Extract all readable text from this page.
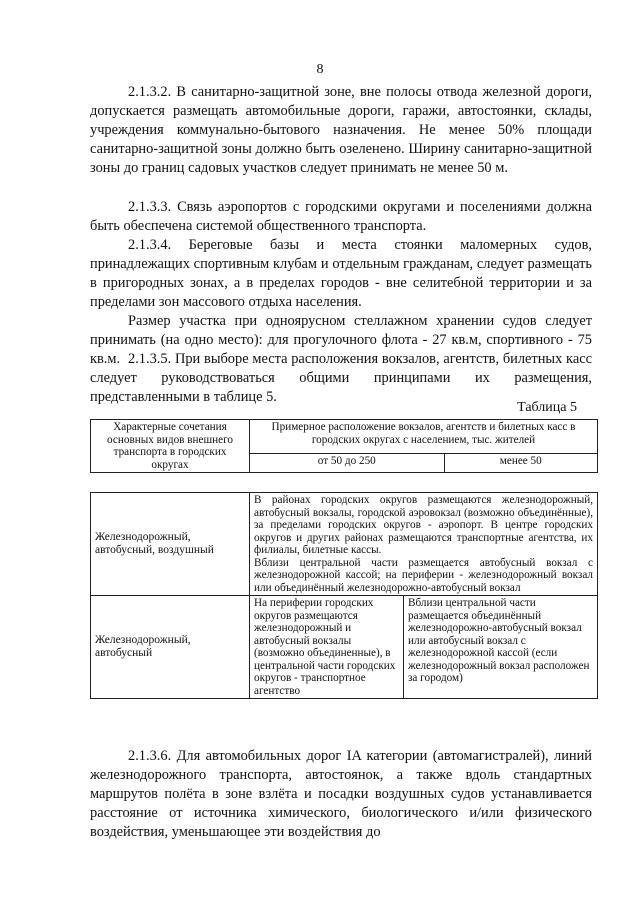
8

2.1.3.2. В санитарно-защитной зоне, вне полосы отвода железной дороги, допускается размещать автомобильные дороги, гаражи, автостоянки, склады, учреждения коммунально-бытового назначения. Не менее 50% площади санитарно-защитной зоны должно быть озеленено. Ширину санитарно-защитной зоны до границ садовых участков следует принимать не менее 50 м.

2.1.3.3. Связь аэропортов с городскими округами и поселениями должна быть обеспечена системой общественного транспорта.

2.1.3.4. Береговые базы и места стоянки маломерных судов, принадлежащих спортивным клубам и отдельным гражданам, следует размещать в пригородных зонах, а в пределах городов - вне селитебной территории и за пределами зон массового отдыха населения.

Размер участка при одноярусном стеллажном хранении судов следует принимать (на одно место): для прогулочного флота - 27 кв.м, спортивного - 75 кв.м. 2.1.3.5. При выборе места расположения вокзалов, агентств, билетных касс следует руководствоваться общими принципами их размещения, представленными в таблице 5.

Таблица 5
Характерные сочетания основных видов внешнего транспорта в городских округах	Примерное расположение вокзалов, агентств и билетных касс в городских округах с населением, тыс. жителей	
	от 50 до 250	менее 50
Железнодорожный, автобусный, воздушный	В районах городских округов размещаются железнодорожный, автобусный вокзалы, городской аэровокзал (возможно объединённые), за пределами городских округов - аэропорт. В центре городских округов и других районах размещаются транспортные агентства, их филиалы, билетные кассы.
Вблизи центральной части размещается автобусный вокзал с железнодорожной кассой; на периферии - железнодорожный вокзал или объединённый железнодорожно-автобусный вокзал	

Железнодорожный, автобусный	На периферии городских округов размещаются железнодорожный и автобусный вокзалы (возможно объединенные), в центральной части городских округов - транспортное агентство	Вблизи центральной части размещается объединённый железнодорожно-автобусный вокзал или автобусный вокзал с железнодорожной кассой (если железнодорожный вокзал расположен за городом)

2.1.3.6. Для автомобильных дорог IA категории (автомагистралей), линий железнодорожного транспорта, автостоянок, а также вдоль стандартных маршрутов полёта в зоне взлёта и посадки воздушных судов устанавливается расстояние от источника химического, биологического и/или физического воздействия, уменьшающее эти воздействия до
